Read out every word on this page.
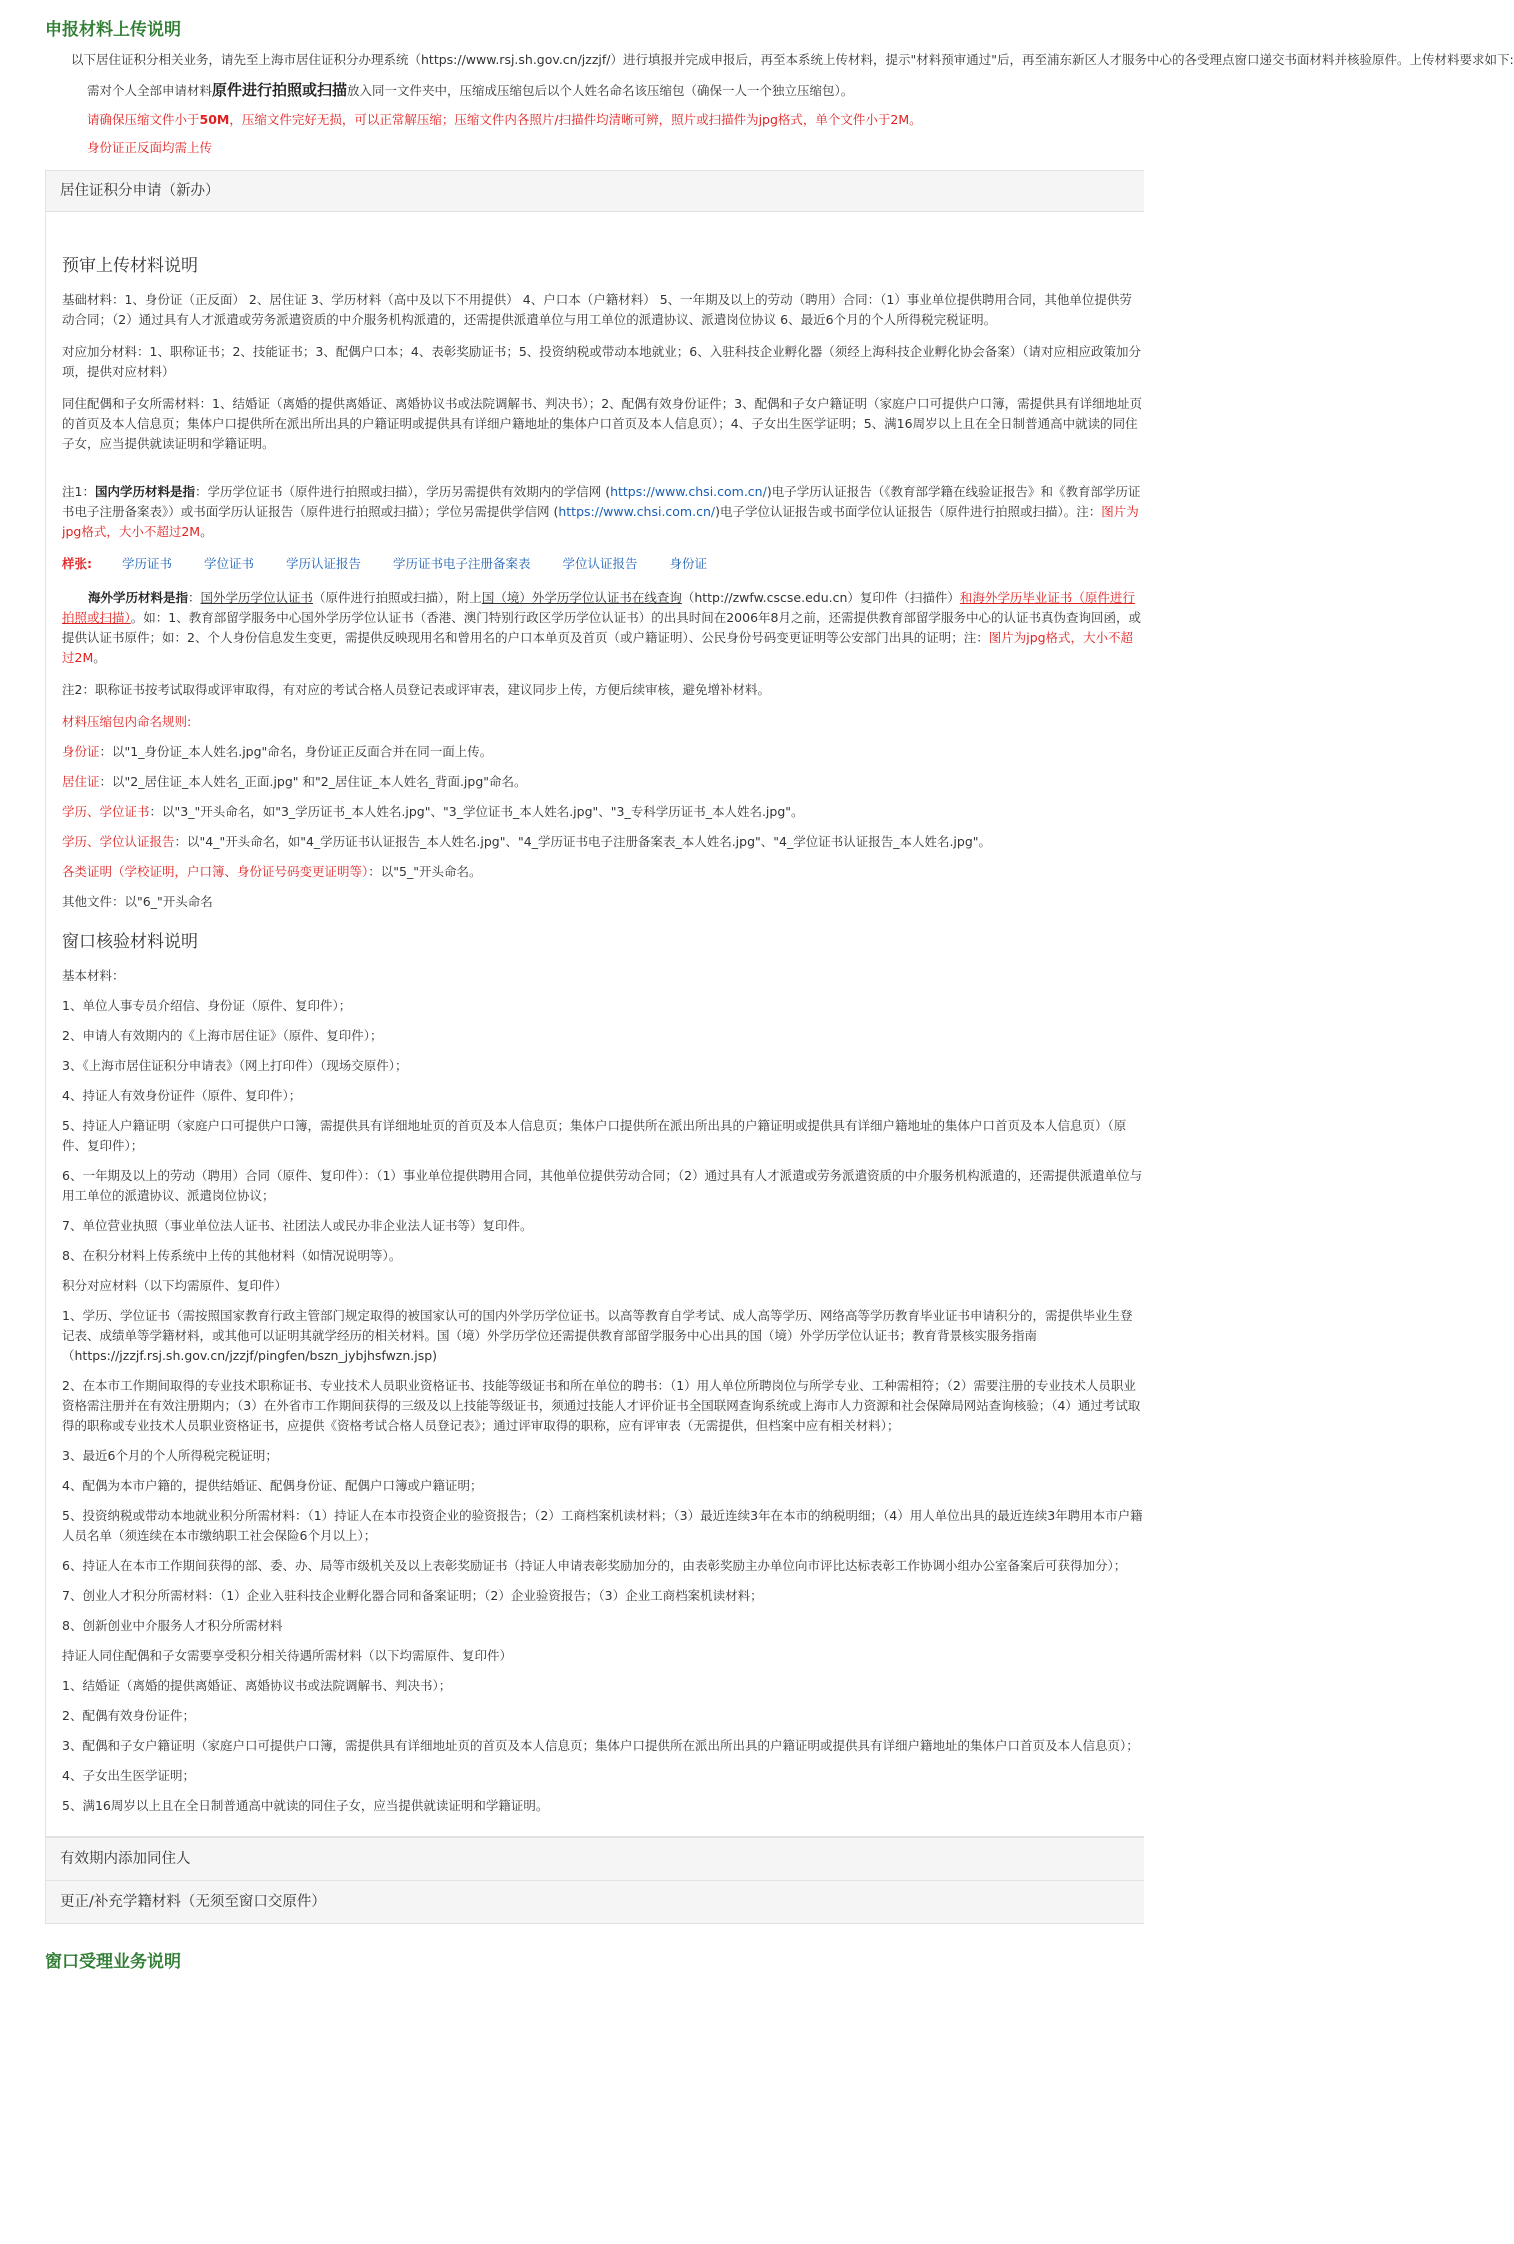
申报材料上传说明

以下居住证积分相关业务，请先至上海市居住证积分办理系统（https://www.rsj.sh.gov.cn/jzzjf/）进行填报并完成申报后，再至本系统上传材料，提示"材料预审通过"后，再至浦东新区人才服务中心的各受理点窗口递交书面材料并核验原件。上传材料要求如下:

需对个人全部申请材料原件进行拍照或扫描放入同一文件夹中，压缩成压缩包后以个人姓名命名该压缩包（确保一人一个独立压缩包）。

请确保压缩文件小于50M，压缩文件完好无损，可以正常解压缩；压缩文件内各照片/扫描件均清晰可辨，照片或扫描件为jpg格式，单个文件小于2M。

身份证正反面均需上传

居住证积分申请（新办）
预审上传材料说明

基础材料：1、身份证（正反面） 2、居住证 3、学历材料（高中及以下不用提供） 4、户口本（户籍材料） 5、一年期及以上的劳动（聘用）合同：（1）事业单位提供聘用合同，其他单位提供劳动合同；（2）通过具有人才派遣或劳务派遣资质的中介服务机构派遣的，还需提供派遣单位与用工单位的派遣协议、派遣岗位协议 6、最近6个月的个人所得税完税证明。

对应加分材料：1、职称证书；2、技能证书；3、配偶户口本；4、表彰奖励证书；5、投资纳税或带动本地就业；6、入驻科技企业孵化器（须经上海科技企业孵化协会备案）（请对应相应政策加分项，提供对应材料）

同住配偶和子女所需材料：1、结婚证（离婚的提供离婚证、离婚协议书或法院调解书、判决书）；2、配偶有效身份证件；3、配偶和子女户籍证明（家庭户口可提供户口簿，需提供具有详细地址页的首页及本人信息页；集体户口提供所在派出所出具的户籍证明或提供具有详细户籍地址的集体户口首页及本人信息页）；4、子女出生医学证明；5、满16周岁以上且在全日制普通高中就读的同住子女，应当提供就读证明和学籍证明。

注1：国内学历材料是指：学历学位证书（原件进行拍照或扫描），学历另需提供有效期内的学信网 (https://www.chsi.com.cn/)电子学历认证报告（《教育部学籍在线验证报告》和《教育部学历证书电子注册备案表》）或书面学历认证报告（原件进行拍照或扫描）；学位另需提供学信网 (https://www.chsi.com.cn/)电子学位认证报告或书面学位认证报告（原件进行拍照或扫描）。注：图片为jpg格式，大小不超过2M。

样张: 学历证书	学位证书	学历认证报告	学历证书电子注册备案表	学位认证报告	身份证

海外学历材料是指：国外学历学位认证书（原件进行拍照或扫描），附上国（境）外学历学位认证书在线查询（http://zwfw.cscse.edu.cn）复印件（扫描件）和海外学历毕业证书（原件进行拍照或扫描）。如：1、教育部留学服务中心国外学历学位认证书（香港、澳门特别行政区学历学位认证书）的出具时间在2006年8月之前，还需提供教育部留学服务中心的认证书真伪查询回函，或提供认证书原件；如：2、个人身份信息发生变更，需提供反映现用名和曾用名的户口本单页及首页（或户籍证明）、公民身份号码变更证明等公安部门出具的证明；注：图片为jpg格式，大小不超过2M。

注2：职称证书按考试取得或评审取得，有对应的考试合格人员登记表或评审表，建议同步上传，方便后续审核，避免增补材料。

材料压缩包内命名规则:

身份证：以"1_身份证_本人姓名.jpg"命名，身份证正反面合并在同一面上传。

居住证：以"2_居住证_本人姓名_正面.jpg" 和"2_居住证_本人姓名_背面.jpg"命名。

学历、学位证书：以"3_"开头命名，如"3_学历证书_本人姓名.jpg"、"3_学位证书_本人姓名.jpg"、"3_专科学历证书_本人姓名.jpg"。

学历、学位认证报告：以"4_"开头命名，如"4_学历证书认证报告_本人姓名.jpg"、"4_学历证书电子注册备案表_本人姓名.jpg"、"4_学位证书认证报告_本人姓名.jpg"。

各类证明（学校证明，户口簿、身份证号码变更证明等）：以"5_"开头命名。

其他文件：以"6_"开头命名

窗口核验材料说明

基本材料：

1、单位人事专员介绍信、身份证（原件、复印件）；

2、申请人有效期内的《上海市居住证》（原件、复印件）；

3、《上海市居住证积分申请表》（网上打印件）（现场交原件）；

4、持证人有效身份证件（原件、复印件）；

5、持证人户籍证明（家庭户口可提供户口簿，需提供具有详细地址页的首页及本人信息页；集体户口提供所在派出所出具的户籍证明或提供具有详细户籍地址的集体户口首页及本人信息页）（原件、复印件）；

6、一年期及以上的劳动（聘用）合同（原件、复印件）：（1）事业单位提供聘用合同，其他单位提供劳动合同；（2）通过具有人才派遣或劳务派遣资质的中介服务机构派遣的，还需提供派遣单位与用工单位的派遣协议、派遣岗位协议；

7、单位营业执照（事业单位法人证书、社团法人或民办非企业法人证书等）复印件。

8、在积分材料上传系统中上传的其他材料（如情况说明等）。

积分对应材料（以下均需原件、复印件）

1、学历、学位证书（需按照国家教育行政主管部门规定取得的被国家认可的国内外学历学位证书。以高等教育自学考试、成人高等学历、网络高等学历教育毕业证书申请积分的，需提供毕业生登记表、成绩单等学籍材料，或其他可以证明其就学经历的相关材料。国（境）外学历学位还需提供教育部留学服务中心出具的国（境）外学历学位认证书；教育背景核实服务指南（https://jzzjf.rsj.sh.gov.cn/jzzjf/pingfen/bszn_jybjhsfwzn.jsp)

2、在本市工作期间取得的专业技术职称证书、专业技术人员职业资格证书、技能等级证书和所在单位的聘书：（1）用人单位所聘岗位与所学专业、工种需相符；（2）需要注册的专业技术人员职业资格需注册并在有效注册期内；（3）在外省市工作期间获得的三级及以上技能等级证书，须通过技能人才评价证书全国联网查询系统或上海市人力资源和社会保障局网站查询核验；（4）通过考试取得的职称或专业技术人员职业资格证书，应提供《资格考试合格人员登记表》；通过评审取得的职称，应有评审表（无需提供，但档案中应有相关材料）；

3、最近6个月的个人所得税完税证明；

4、配偶为本市户籍的，提供结婚证、配偶身份证、配偶户口簿或户籍证明；

5、投资纳税或带动本地就业积分所需材料：（1）持证人在本市投资企业的验资报告；（2）工商档案机读材料；（3）最近连续3年在本市的纳税明细；（4）用人单位出具的最近连续3年聘用本市户籍人员名单（须连续在本市缴纳职工社会保险6个月以上）；

6、持证人在本市工作期间获得的部、委、办、局等市级机关及以上表彰奖励证书（持证人申请表彰奖励加分的，由表彰奖励主办单位向市评比达标表彰工作协调小组办公室备案后可获得加分）；

7、创业人才积分所需材料：（1）企业入驻科技企业孵化器合同和备案证明；（2）企业验资报告；（3）企业工商档案机读材料；

8、创新创业中介服务人才积分所需材料

持证人同住配偶和子女需要享受积分相关待遇所需材料（以下均需原件、复印件）

1、结婚证（离婚的提供离婚证、离婚协议书或法院调解书、判决书）；

2、配偶有效身份证件；

3、配偶和子女户籍证明（家庭户口可提供户口簿，需提供具有详细地址页的首页及本人信息页；集体户口提供所在派出所出具的户籍证明或提供具有详细户籍地址的集体户口首页及本人信息页）；

4、子女出生医学证明；

5、满16周岁以上且在全日制普通高中就读的同住子女，应当提供就读证明和学籍证明。

有效期内添加同住人
更正/补充学籍材料（无须至窗口交原件）
窗口受理业务说明
